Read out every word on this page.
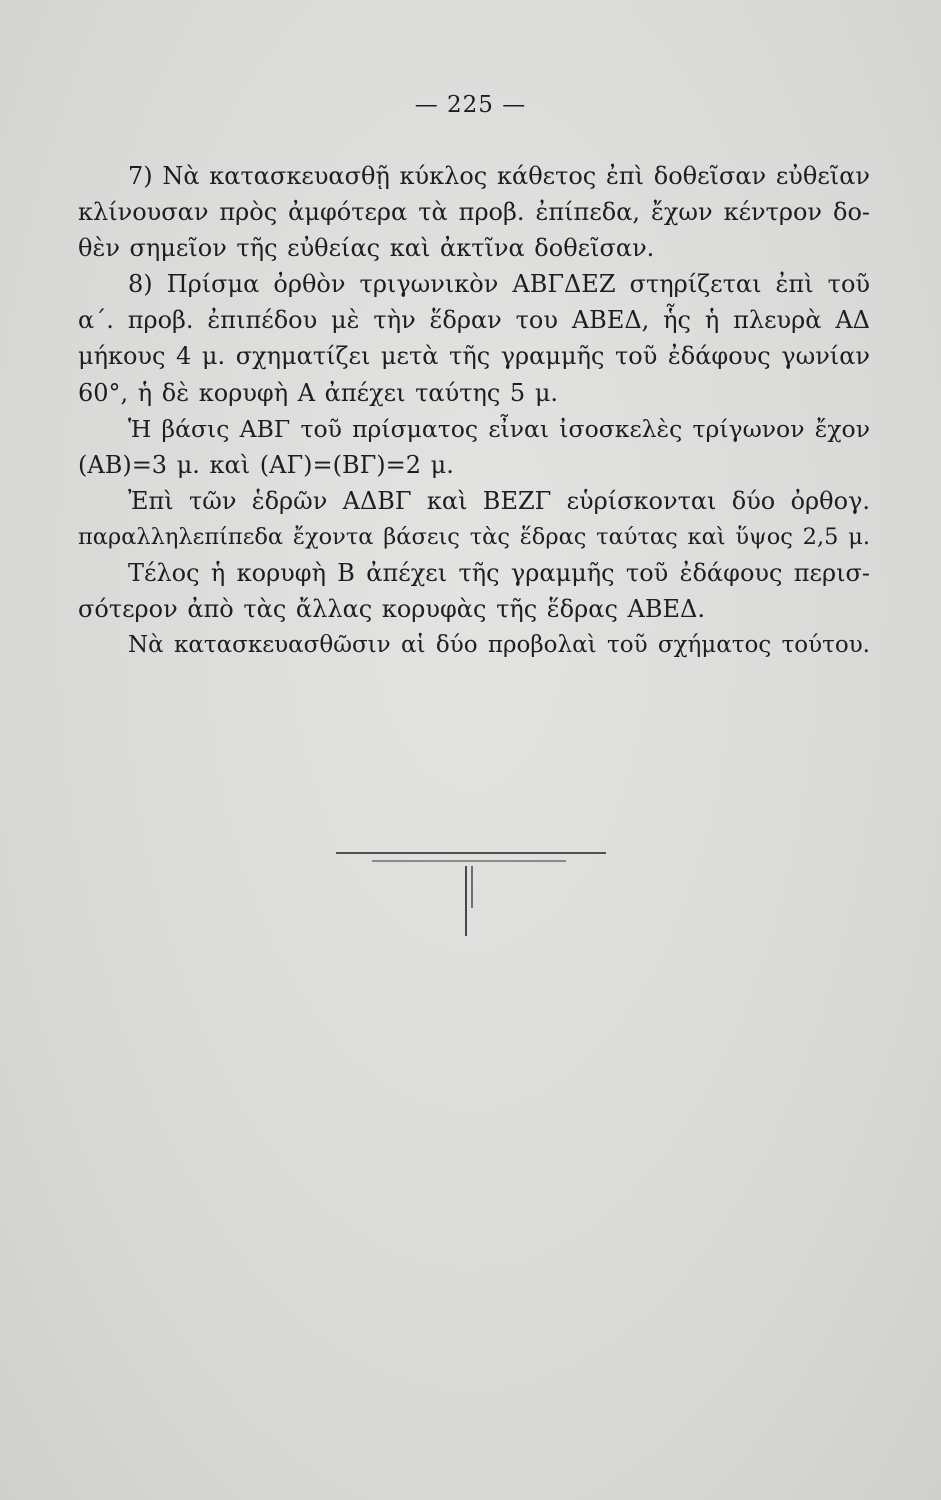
— 225 —
7) Νὰ κατασκευασθῇ κύκλος κάθετος ἐπὶ δοθεῖσαν εὐθεῖαν
κλίνουσαν πρὸς ἀμφότερα τὰ προβ. ἐπίπεδα, ἔχων κέντρον δο-
θὲν σημεῖον τῆς εὐθείας καὶ ἀκτῖνα δοθεῖσαν.
8) Πρίσμα ὀρθὸν τριγωνικὸν ΑΒΓΔΕΖ στηρίζεται ἐπὶ τοῦ
α΄. προβ. ἐπιπέδου μὲ τὴν ἕδραν του ΑΒΕΔ, ἧς ἡ πλευρὰ ΑΔ
μήκους 4 μ. σχηματίζει μετὰ τῆς γραμμῆς τοῦ ἐδάφους γωνίαν
60°, ἡ δὲ κορυφὴ Α ἀπέχει ταύτης 5 μ.
Ἡ βάσις ΑΒΓ τοῦ πρίσματος εἶναι ἰσοσκελὲς τρίγωνον ἔχον
(ΑΒ)=3 μ. καὶ (ΑΓ)=(ΒΓ)=2 μ.
Ἐπὶ τῶν ἑδρῶν ΑΔΒΓ καὶ ΒΕΖΓ εὑρίσκονται δύο ὀρθογ.
παραλληλεπίπεδα ἔχοντα βάσεις τὰς ἕδρας ταύτας καὶ ὕψος 2,5 μ.
Τέλος ἡ κορυφὴ Β ἀπέχει τῆς γραμμῆς τοῦ ἐδάφους περισ-
σότερον ἀπὸ τὰς ἄλλας κορυφὰς τῆς ἕδρας ΑΒΕΔ.
Νὰ κατασκευασθῶσιν αἱ δύο προβολαὶ τοῦ σχήματος τούτου.
